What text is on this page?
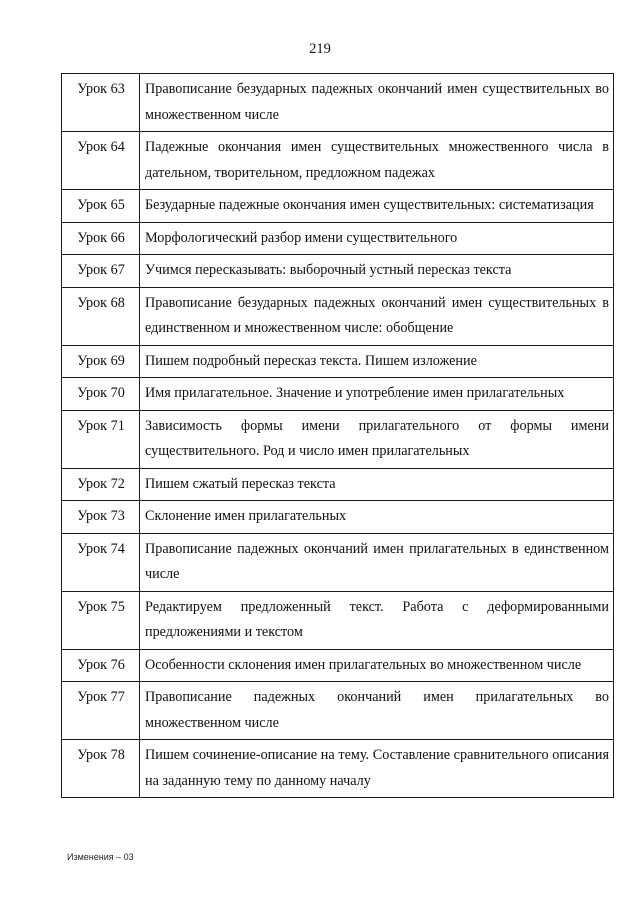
219
Урок 63	Правописание безударных падежных окончаний имен существительных во множественном числе
Урок 64	Падежные окончания имен существительных множественного числа в дательном, творительном, предложном падежах
Урок 65	Безударные падежные окончания имен существительных: систематизация
Урок 66	Морфологический разбор имени существительного
Урок 67	Учимся пересказывать: выборочный устный пересказ текста
Урок 68	Правописание безударных падежных окончаний имен существительных в единственном и множественном числе: обобщение
Урок 69	Пишем подробный пересказ текста. Пишем изложение
Урок 70	Имя прилагательное. Значение и употребление имен прилагательных
Урок 71	Зависимость формы имени прилагательного от формы имени существительного. Род и число имен прилагательных
Урок 72	Пишем сжатый пересказ текста
Урок 73	Склонение имен прилагательных
Урок 74	Правописание падежных окончаний имен прилагательных в единственном числе
Урок 75	Редактируем предложенный текст. Работа с деформированными предложениями и текстом
Урок 76	Особенности склонения имен прилагательных во множественном числе
Урок 77	Правописание падежных окончаний имен прилагательных во множественном числе
Урок 78	Пишем сочинение-описание на тему. Составление сравнительного описания на заданную тему по данному началу
Изменения – 03
